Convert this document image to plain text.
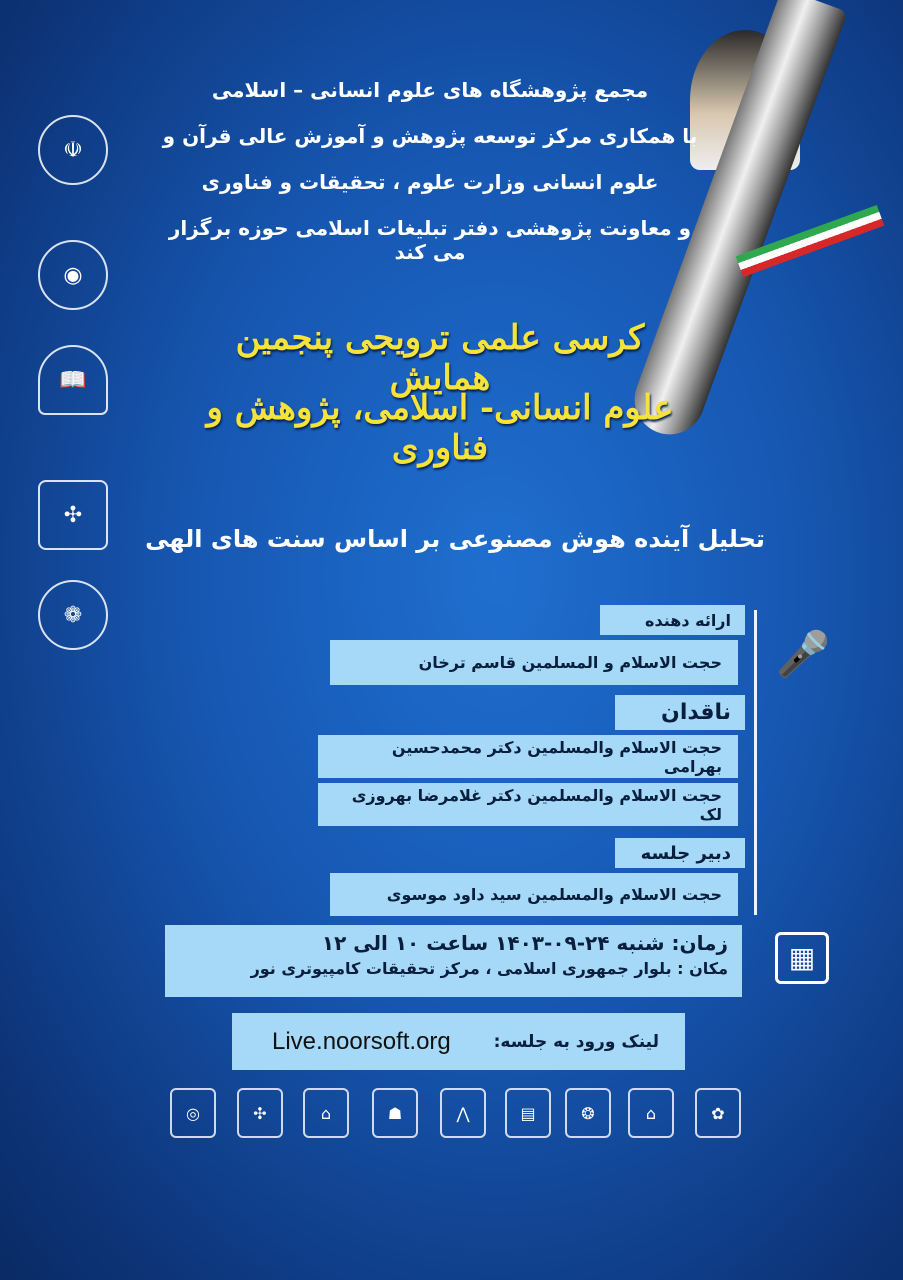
☫
◉
📖
✣
❁
مجمع پژوهشگاه های علوم انسانی – اسلامی
با همکاری مرکز توسعه پژوهش و آموزش عالی قرآن و
علوم انسانی وزارت علوم ، تحقیقات و فناوری
و معاونت پژوهشی دفتر تبلیغات اسلامی حوزه برگزار می کند
کرسی علمی ترویجی پنجمین همایش
علوم انسانی- اسلامی، پژوهش و فناوری
تحلیل آینده هوش مصنوعی بر اساس سنت های الهی
🎤
ارائه دهنده
حجت الاسلام و المسلمین قاسم ترخان
ناقدان
حجت الاسلام والمسلمین دکتر محمدحسین بهرامی
حجت الاسلام والمسلمین دکتر غلامرضا بهروزی لک
دبیر جلسه
حجت الاسلام والمسلمین سید داود موسوی
زمان: شنبه ۲۴-۰۹-۱۴۰۳ ساعت ۱۰ الی ۱۲
مکان : بلوار جمهوری اسلامی ، مرکز تحقیقات کامپیوتری نور	▦
لینک ورود به جلسه:
Live.noorsoft.org
◎	✣	⌂	☗	⋀	▤	❂	⌂	✿
